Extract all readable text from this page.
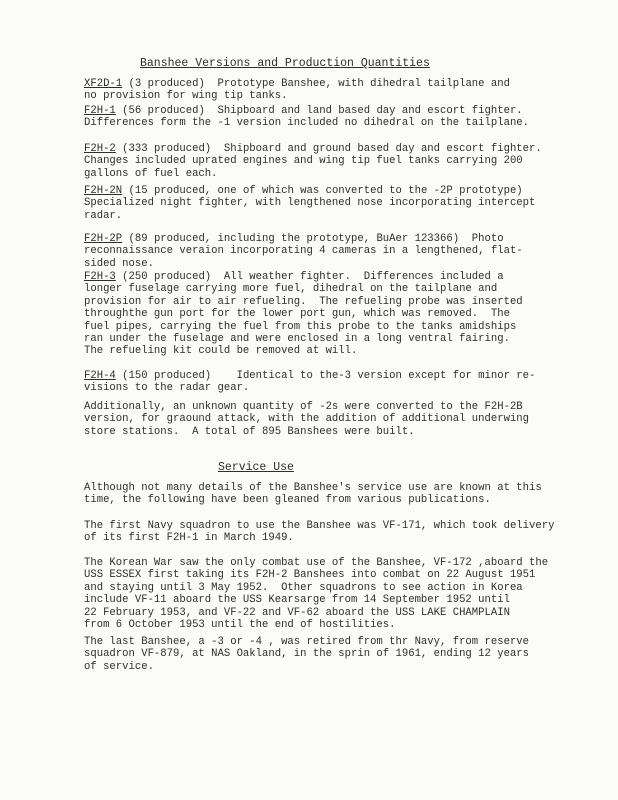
Banshee Versions and Production Quantities
XF2D-1 (3 produced)  Prototype Banshee, with dihedral tailplane and
no provision for wing tip tanks.
F2H-1 (56 produced)  Shipboard and land based day and escort fighter.
Differences form the -1 version included no dihedral on the tailplane.
F2H-2 (333 produced)  Shipboard and ground based day and escort fighter.
Changes included uprated engines and wing tip fuel tanks carrying 200
gallons of fuel each.
F2H-2N (15 produced, one of which was converted to the -2P prototype)
Specialized night fighter, with lengthened nose incorporating intercept
radar.
F2H-2P (89 produced, including the prototype, BuAer 123366)  Photo
reconnaissance veraion incorporating 4 cameras in a lengthened, flat-
sided nose.
F2H-3 (250 produced)  All weather fighter.  Differences included a
longer fuselage carrying more fuel, dihedral on the tailplane and
provision for air to air refueling.  The refueling probe was inserted
throughthe gun port for the lower port gun, which was removed.  The
fuel pipes, carrying the fuel from this probe to the tanks amidships
ran under the fuselage and were enclosed in a long ventral fairing.
The refueling kit could be removed at will.
F2H-4 (150 produced)    Identical to the-3 version except for minor re-
visions to the radar gear.
Additionally, an unknown quantity of -2s were converted to the F2H-2B
version, for graound attack, with the addition of additional underwing
store stations.  A total of 895 Banshees were built.
Service Use
Although not many details of the Banshee's service use are known at this
time, the following have been gleaned from various publications.
The first Navy squadron to use the Banshee was VF-171, which took delivery
of its first F2H-1 in March 1949.
The Korean War saw the only combat use of the Banshee, VF-172 ,aboard the
USS ESSEX first taking its F2H-2 Banshees into combat on 22 August 1951
and staying until 3 May 1952.  Other squadrons to see action in Korea
include VF-11 aboard the USS Kearsarge from 14 September 1952 until
22 February 1953, and VF-22 and VF-62 aboard the USS LAKE CHAMPLAIN
from 6 October 1953 until the end of hostilities.
The last Banshee, a -3 or -4 , was retired from thr Navy, from reserve
squadron VF-879, at NAS Oakland, in the sprin of 1961, ending 12 years
of service.
